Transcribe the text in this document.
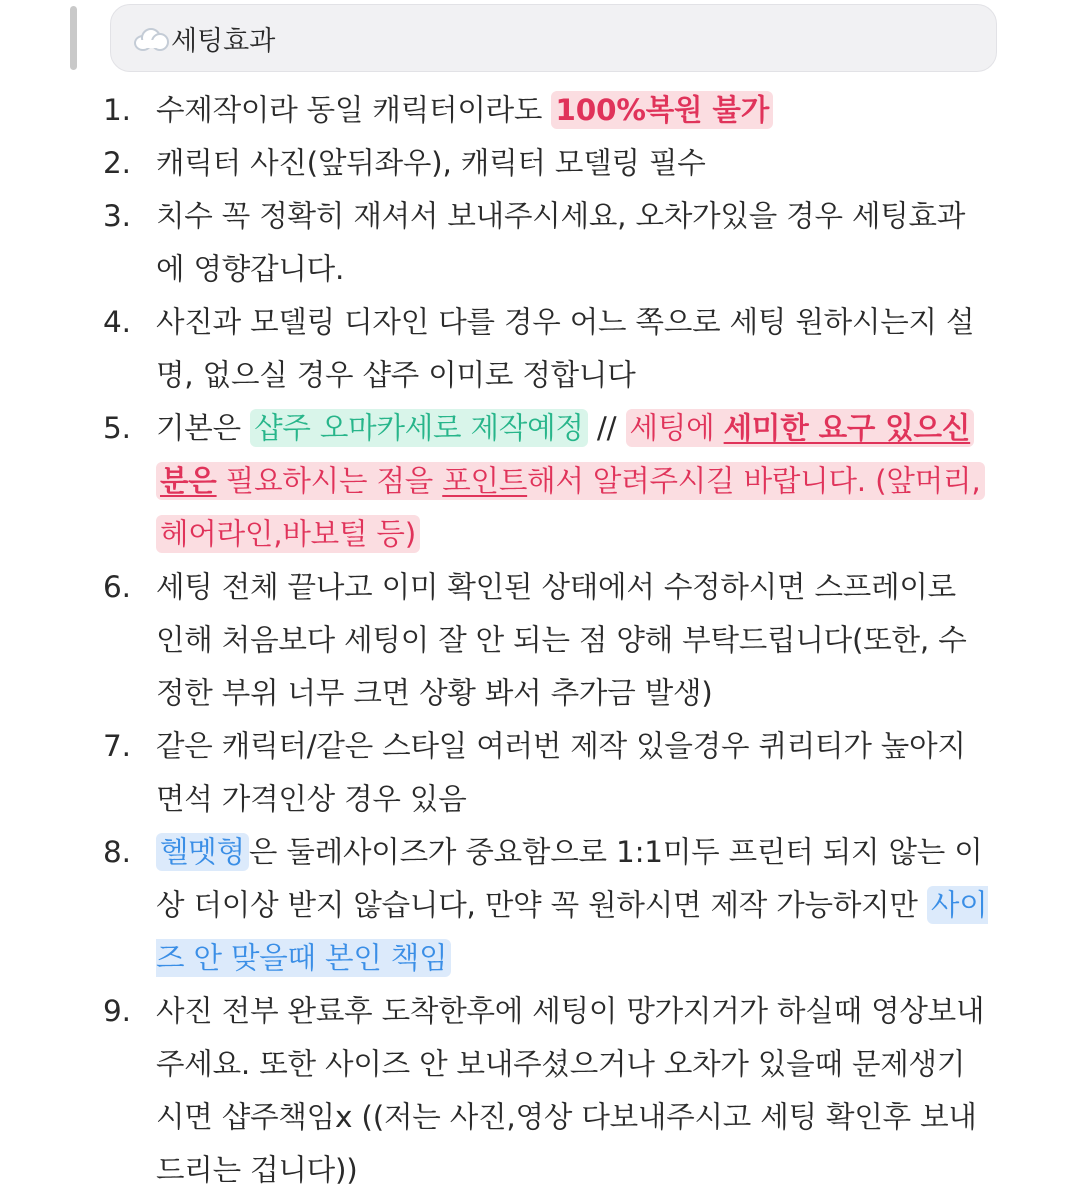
세팅효과
1. 수제작이라 동일 캐릭터이라도 100%복원 불가
2. 캐릭터 사진(앞뒤좌우), 캐릭터 모델링 필수
3. 치수 꼭 정확히 재셔서 보내주시세요, 오차가있을 경우 세팅효과에 영향갑니다.
4. 사진과 모델링 디자인 다를 경우 어느 쪽으로 세팅 원하시는지 설명, 없으실 경우 샵주 이미로 정합니다
5. 기본은 샵주 오마카세로 제작예정 // 세팅에 세미한 요구 있으신 분은 필요하시는 점을 포인트해서 알려주시길 바랍니다. (앞머리, 헤어라인,바보털 등)
6. 세팅 전체 끝나고 이미 확인된 상태에서 수정하시면 스프레이로 인해 처음보다 세팅이 잘 안 되는 점 양해 부탁드립니다(또한, 수정한 부위 너무 크면 상황 봐서 추가금 발생)
7. 같은 캐릭터/같은 스타일 여러번 제작 있을경우 퀴리티가 높아지면석 가격인상 경우 있음
8. 헬멧형 은 둘레사이즈가 중요함으로 1:1미두 프린터 되지 않는 이상 더이상 받지 않습니다, 만약 꼭 원하시면 제작 가능하지만 사이즈 안 맞을때 본인 책임
9. 사진 전부 완료후 도착한후에 세팅이 망가지거가 하실때 영상보내주세요. 또한 사이즈 안 보내주셨으거나 오차가 있을때 문제생기시면 샵주책임x ((저는 사진,영상 다보내주시고 세팅 확인후 보내드리는 겁니다))
